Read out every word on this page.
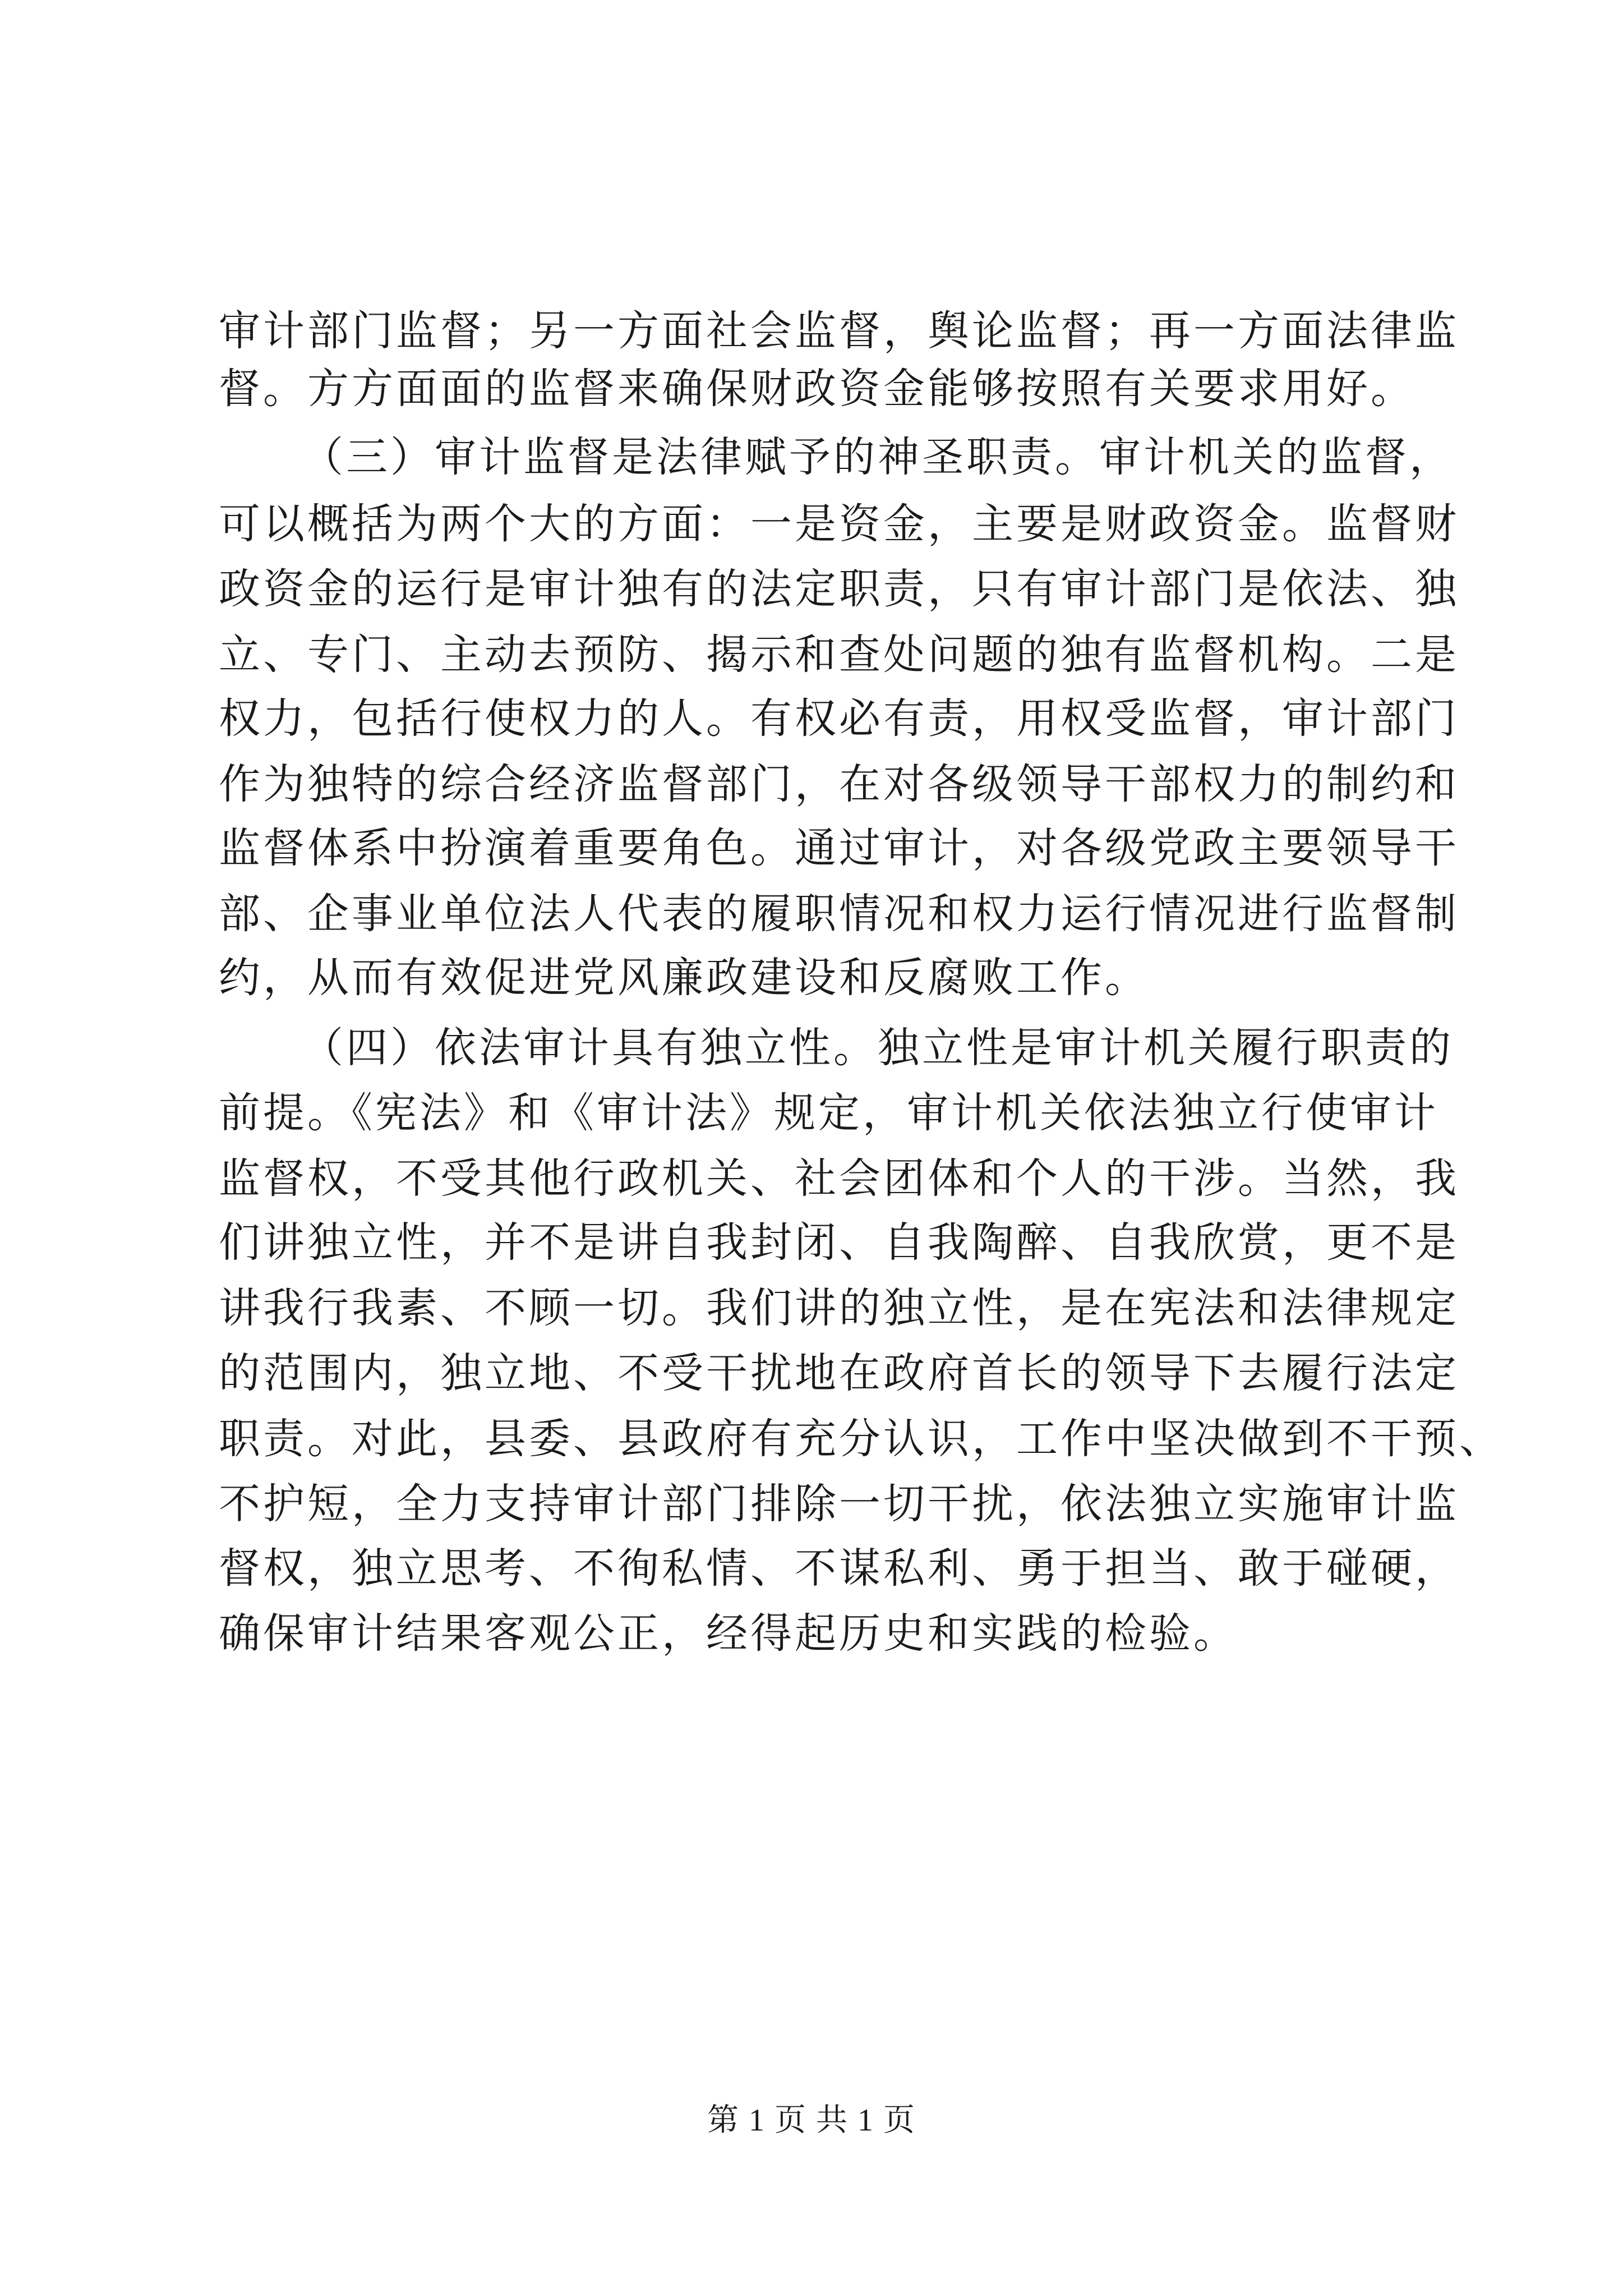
审计部门监督；另一方面社会监督，舆论监督；再一方面法律监
督。方方面面的监督来确保财政资金能够按照有关要求用好。
（三）审计监督是法律赋予的神圣职责。审计机关的监督，
可以概括为两个大的方面：一是资金，主要是财政资金。监督财
政资金的运行是审计独有的法定职责，只有审计部门是依法、独
立、专门、主动去预防、揭示和查处问题的独有监督机构。二是
权力，包括行使权力的人。有权必有责，用权受监督，审计部门
作为独特的综合经济监督部门，在对各级领导干部权力的制约和
监督体系中扮演着重要角色。通过审计，对各级党政主要领导干
部、企事业单位法人代表的履职情况和权力运行情况进行监督制
约，从而有效促进党风廉政建设和反腐败工作。
（四）依法审计具有独立性。独立性是审计机关履行职责的
前提。《宪法》和《审计法》规定，审计机关依法独立行使审计
监督权，不受其他行政机关、社会团体和个人的干涉。当然，我
们讲独立性，并不是讲自我封闭、自我陶醉、自我欣赏，更不是
讲我行我素、不顾一切。我们讲的独立性，是在宪法和法律规定
的范围内，独立地、不受干扰地在政府首长的领导下去履行法定
职责。对此，县委、县政府有充分认识，工作中坚决做到不干预、
不护短，全力支持审计部门排除一切干扰，依法独立实施审计监
督权，独立思考、不徇私情、不谋私利、勇于担当、敢于碰硬，
确保审计结果客观公正，经得起历史和实践的检验。
第 1 页 共 1 页
